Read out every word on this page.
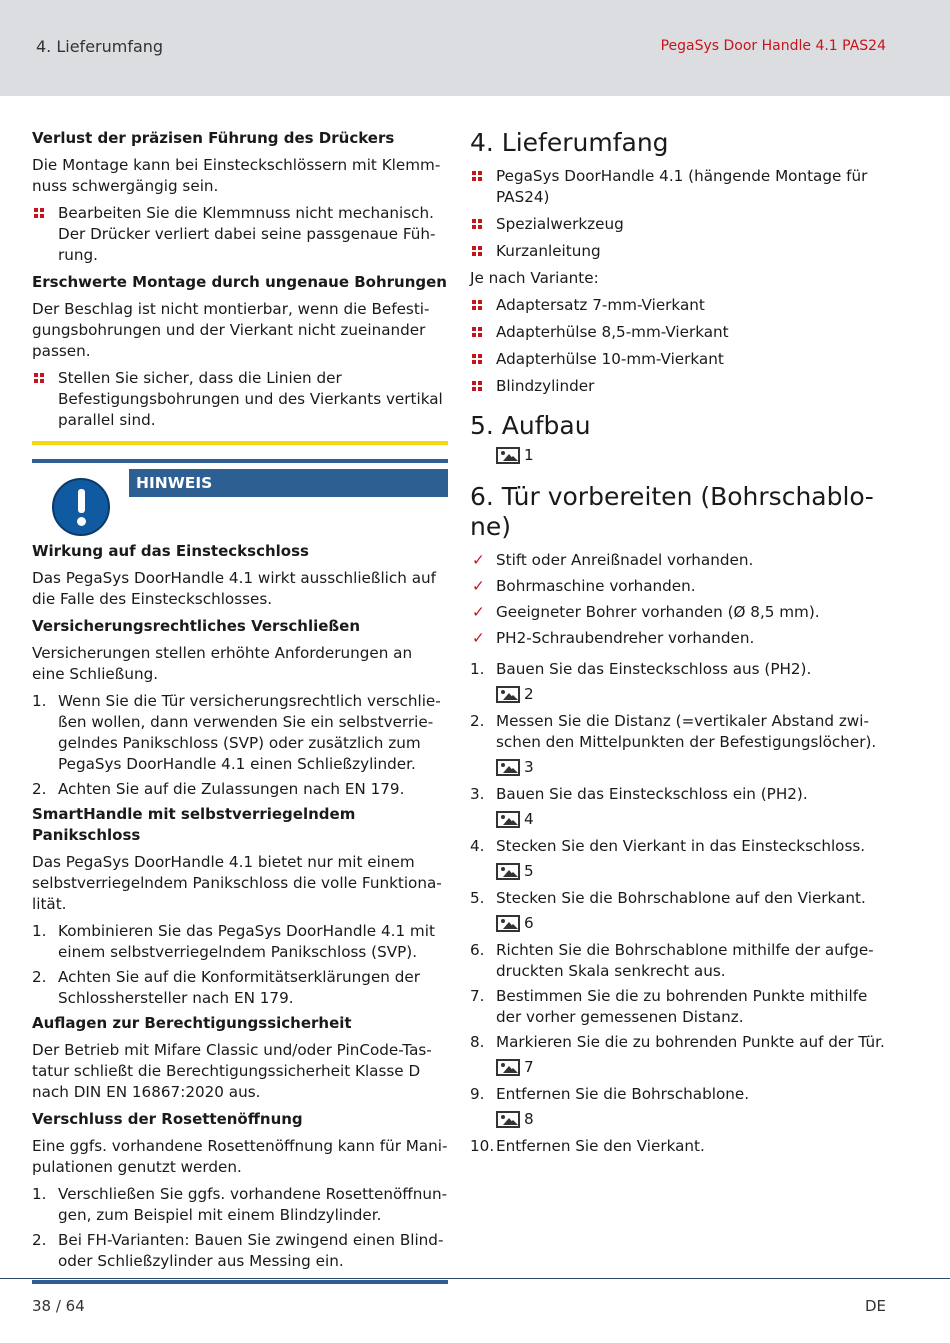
4. Lieferumfang	PegaSys Door Handle 4.1 PAS24
Verlust der präzisen Führung des Drückers
Die Montage kann bei Einsteckschlössern mit Klemmnuss schwergängig sein.
Bearbeiten Sie die Klemmnuss nicht mechanisch. Der Drücker verliert dabei seine passgenaue Führung.
Erschwerte Montage durch ungenaue Bohrungen
Der Beschlag ist nicht montierbar, wenn die Befestigungsbohrungen und der Vierkant nicht zueinander passen.
Stellen Sie sicher, dass die Linien der Befestigungsbohrungen und des Vierkants vertikal parallel sind.
HINWEIS
Wirkung auf das Einsteckschloss
Das PegaSys DoorHandle 4.1 wirkt ausschließlich auf die Falle des Einsteckschlosses.
Versicherungsrechtliches Verschließen
Versicherungen stellen erhöhte Anforderungen an eine Schließung.
1. Wenn Sie die Tür versicherungsrechtlich verschließen wollen, dann verwenden Sie ein selbstverriegelndes Panikschloss (SVP) oder zusätzlich zum PegaSys DoorHandle 4.1 einen Schließzylinder.
2. Achten Sie auf die Zulassungen nach EN 179.
SmartHandle mit selbstverriegelndem Panikschloss
Das PegaSys DoorHandle 4.1 bietet nur mit einem selbstverriegelndem Panikschloss die volle Funktionalität.
1. Kombinieren Sie das PegaSys DoorHandle 4.1 mit einem selbstverriegelndem Panikschloss (SVP).
2. Achten Sie auf die Konformitätserklärungen der Schlosshersteller nach EN 179.
Auflagen zur Berechtigungssicherheit
Der Betrieb mit Mifare Classic und/oder PinCode-Tastatur schließt die Berechtigungssicherheit Klasse D nach DIN EN 16867:2020 aus.
Verschluss der Rosettenöffnung
Eine ggfs. vorhandene Rosettenöffnung kann für Manipulationen genutzt werden.
1. Verschließen Sie ggfs. vorhandene Rosettenöffnungen, zum Beispiel mit einem Blindzylinder.
2. Bei FH-Varianten: Bauen Sie zwingend einen Blind- oder Schließzylinder aus Messing ein.
4. Lieferumfang
PegaSys DoorHandle 4.1 (hängende Montage für PAS24)
Spezialwerkzeug
Kurzanleitung
Je nach Variante:
Adaptersatz 7-mm-Vierkant
Adapterhülse 8,5-mm-Vierkant
Adapterhülse 10-mm-Vierkant
Blindzylinder
5. Aufbau
1
6. Tür vorbereiten (Bohrschablone)
✓ Stift oder Anreißnadel vorhanden.
✓ Bohrmaschine vorhanden.
✓ Geeigneter Bohrer vorhanden (Ø 8,5 mm).
✓ PH2-Schraubendreher vorhanden.
1. Bauen Sie das Einsteckschloss aus (PH2).
2
2. Messen Sie die Distanz (=vertikaler Abstand zwischen den Mittelpunkten der Befestigungslöcher).
3
3. Bauen Sie das Einsteckschloss ein (PH2).
4
4. Stecken Sie den Vierkant in das Einsteckschloss.
5
5. Stecken Sie die Bohrschablone auf den Vierkant.
6
6. Richten Sie die Bohrschablone mithilfe der aufgedruckten Skala senkrecht aus.
7. Bestimmen Sie die zu bohrenden Punkte mithilfe der vorher gemessenen Distanz.
8. Markieren Sie die zu bohrenden Punkte auf der Tür.
7
9. Entfernen Sie die Bohrschablone.
8
10. Entfernen Sie den Vierkant.
38 / 64	DE
